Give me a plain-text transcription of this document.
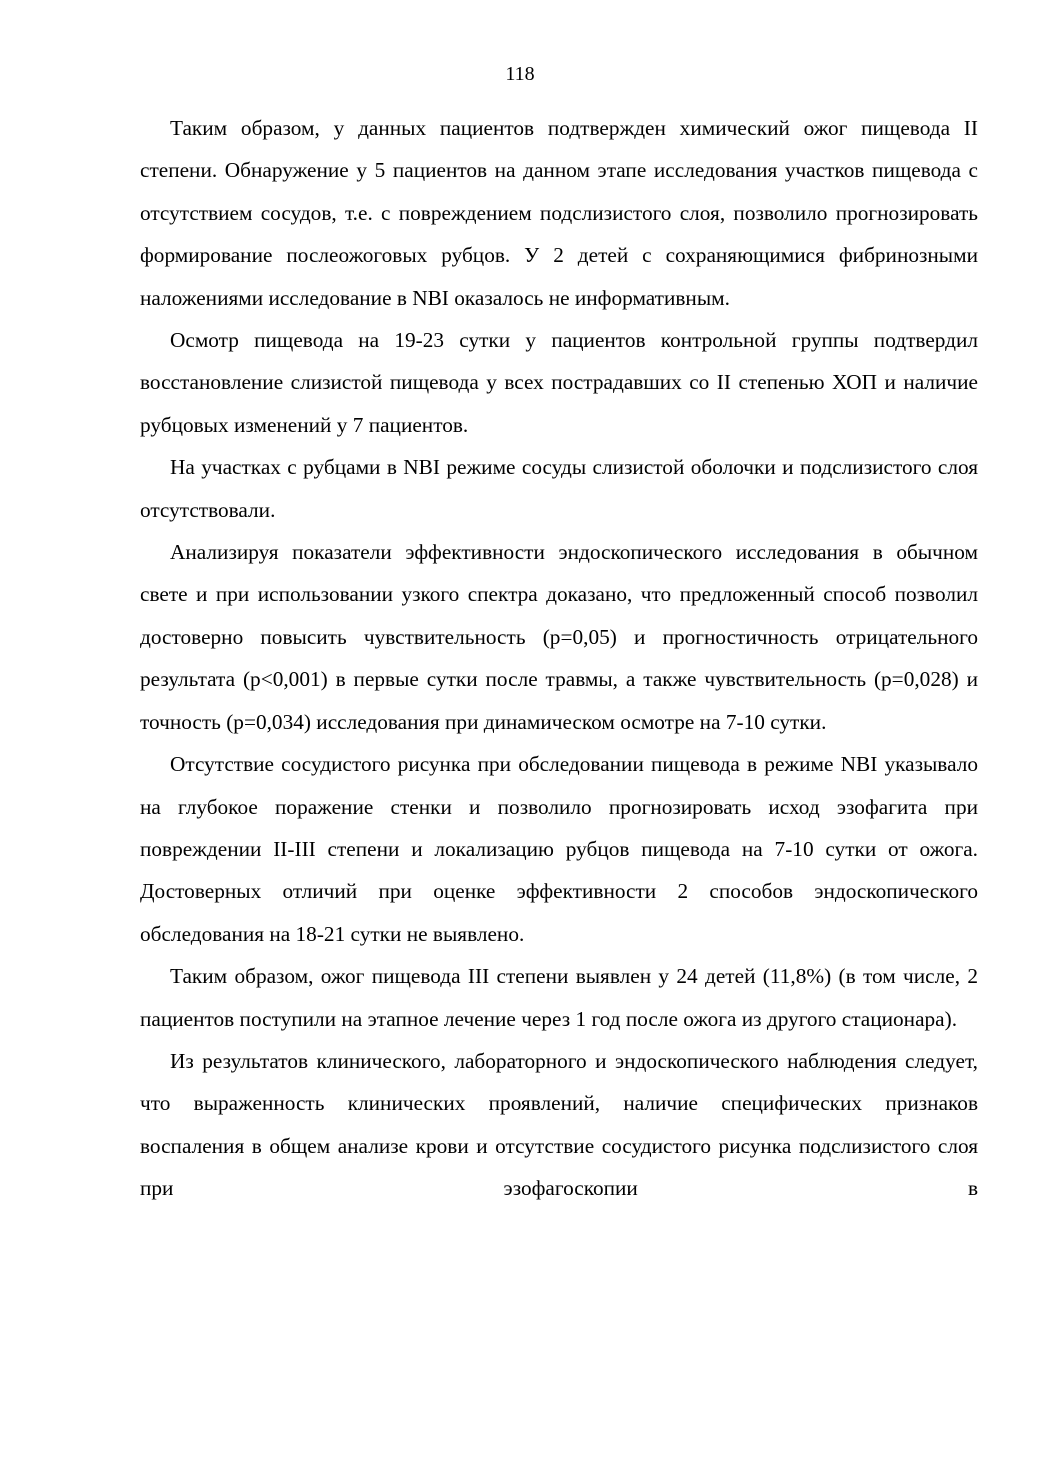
118

Таким образом, у данных пациентов подтвержден химический ожог пищевода II степени. Обнаружение у 5 пациентов на данном этапе исследования участков пищевода с отсутствием сосудов, т.е. с повреждением подслизистого слоя, позволило прогнозировать формирование послеожоговых рубцов. У 2 детей с сохраняющимися фибринозными наложениями исследование в NBI оказалось не информативным.

Осмотр пищевода на 19-23 сутки у пациентов контрольной группы подтвердил восстановление слизистой пищевода у всех пострадавших со II степенью ХОП и наличие рубцовых изменений у 7 пациентов.

На участках с рубцами в NBI режиме сосуды слизистой оболочки и подслизистого слоя отсутствовали.

Анализируя показатели эффективности эндоскопического исследования в обычном свете и при использовании узкого спектра доказано, что предложенный способ позволил достоверно повысить чувствительность (p=0,05) и прогностичность отрицательного результата (p<0,001) в первые сутки после травмы, а также чувствительность (p=0,028) и точность (p=0,034) исследования при динамическом осмотре на 7-10 сутки.

Отсутствие сосудистого рисунка при обследовании пищевода в режиме NBI указывало на глубокое поражение стенки и позволило прогнозировать исход эзофагита при повреждении II-III степени и локализацию рубцов пищевода на 7-10 сутки от ожога. Достоверных отличий при оценке эффективности 2 способов эндоскопического обследования на 18-21 сутки не выявлено.

Таким образом, ожог пищевода III степени выявлен у 24 детей (11,8%) (в том числе, 2 пациентов поступили на этапное лечение через 1 год после ожога из другого стационара).

Из результатов клинического, лабораторного и эндоскопического наблюдения следует, что выраженность клинических проявлений, наличие специфических признаков воспаления в общем анализе крови и отсутствие сосудистого рисунка подслизистого слоя при эзофагоскопии в
